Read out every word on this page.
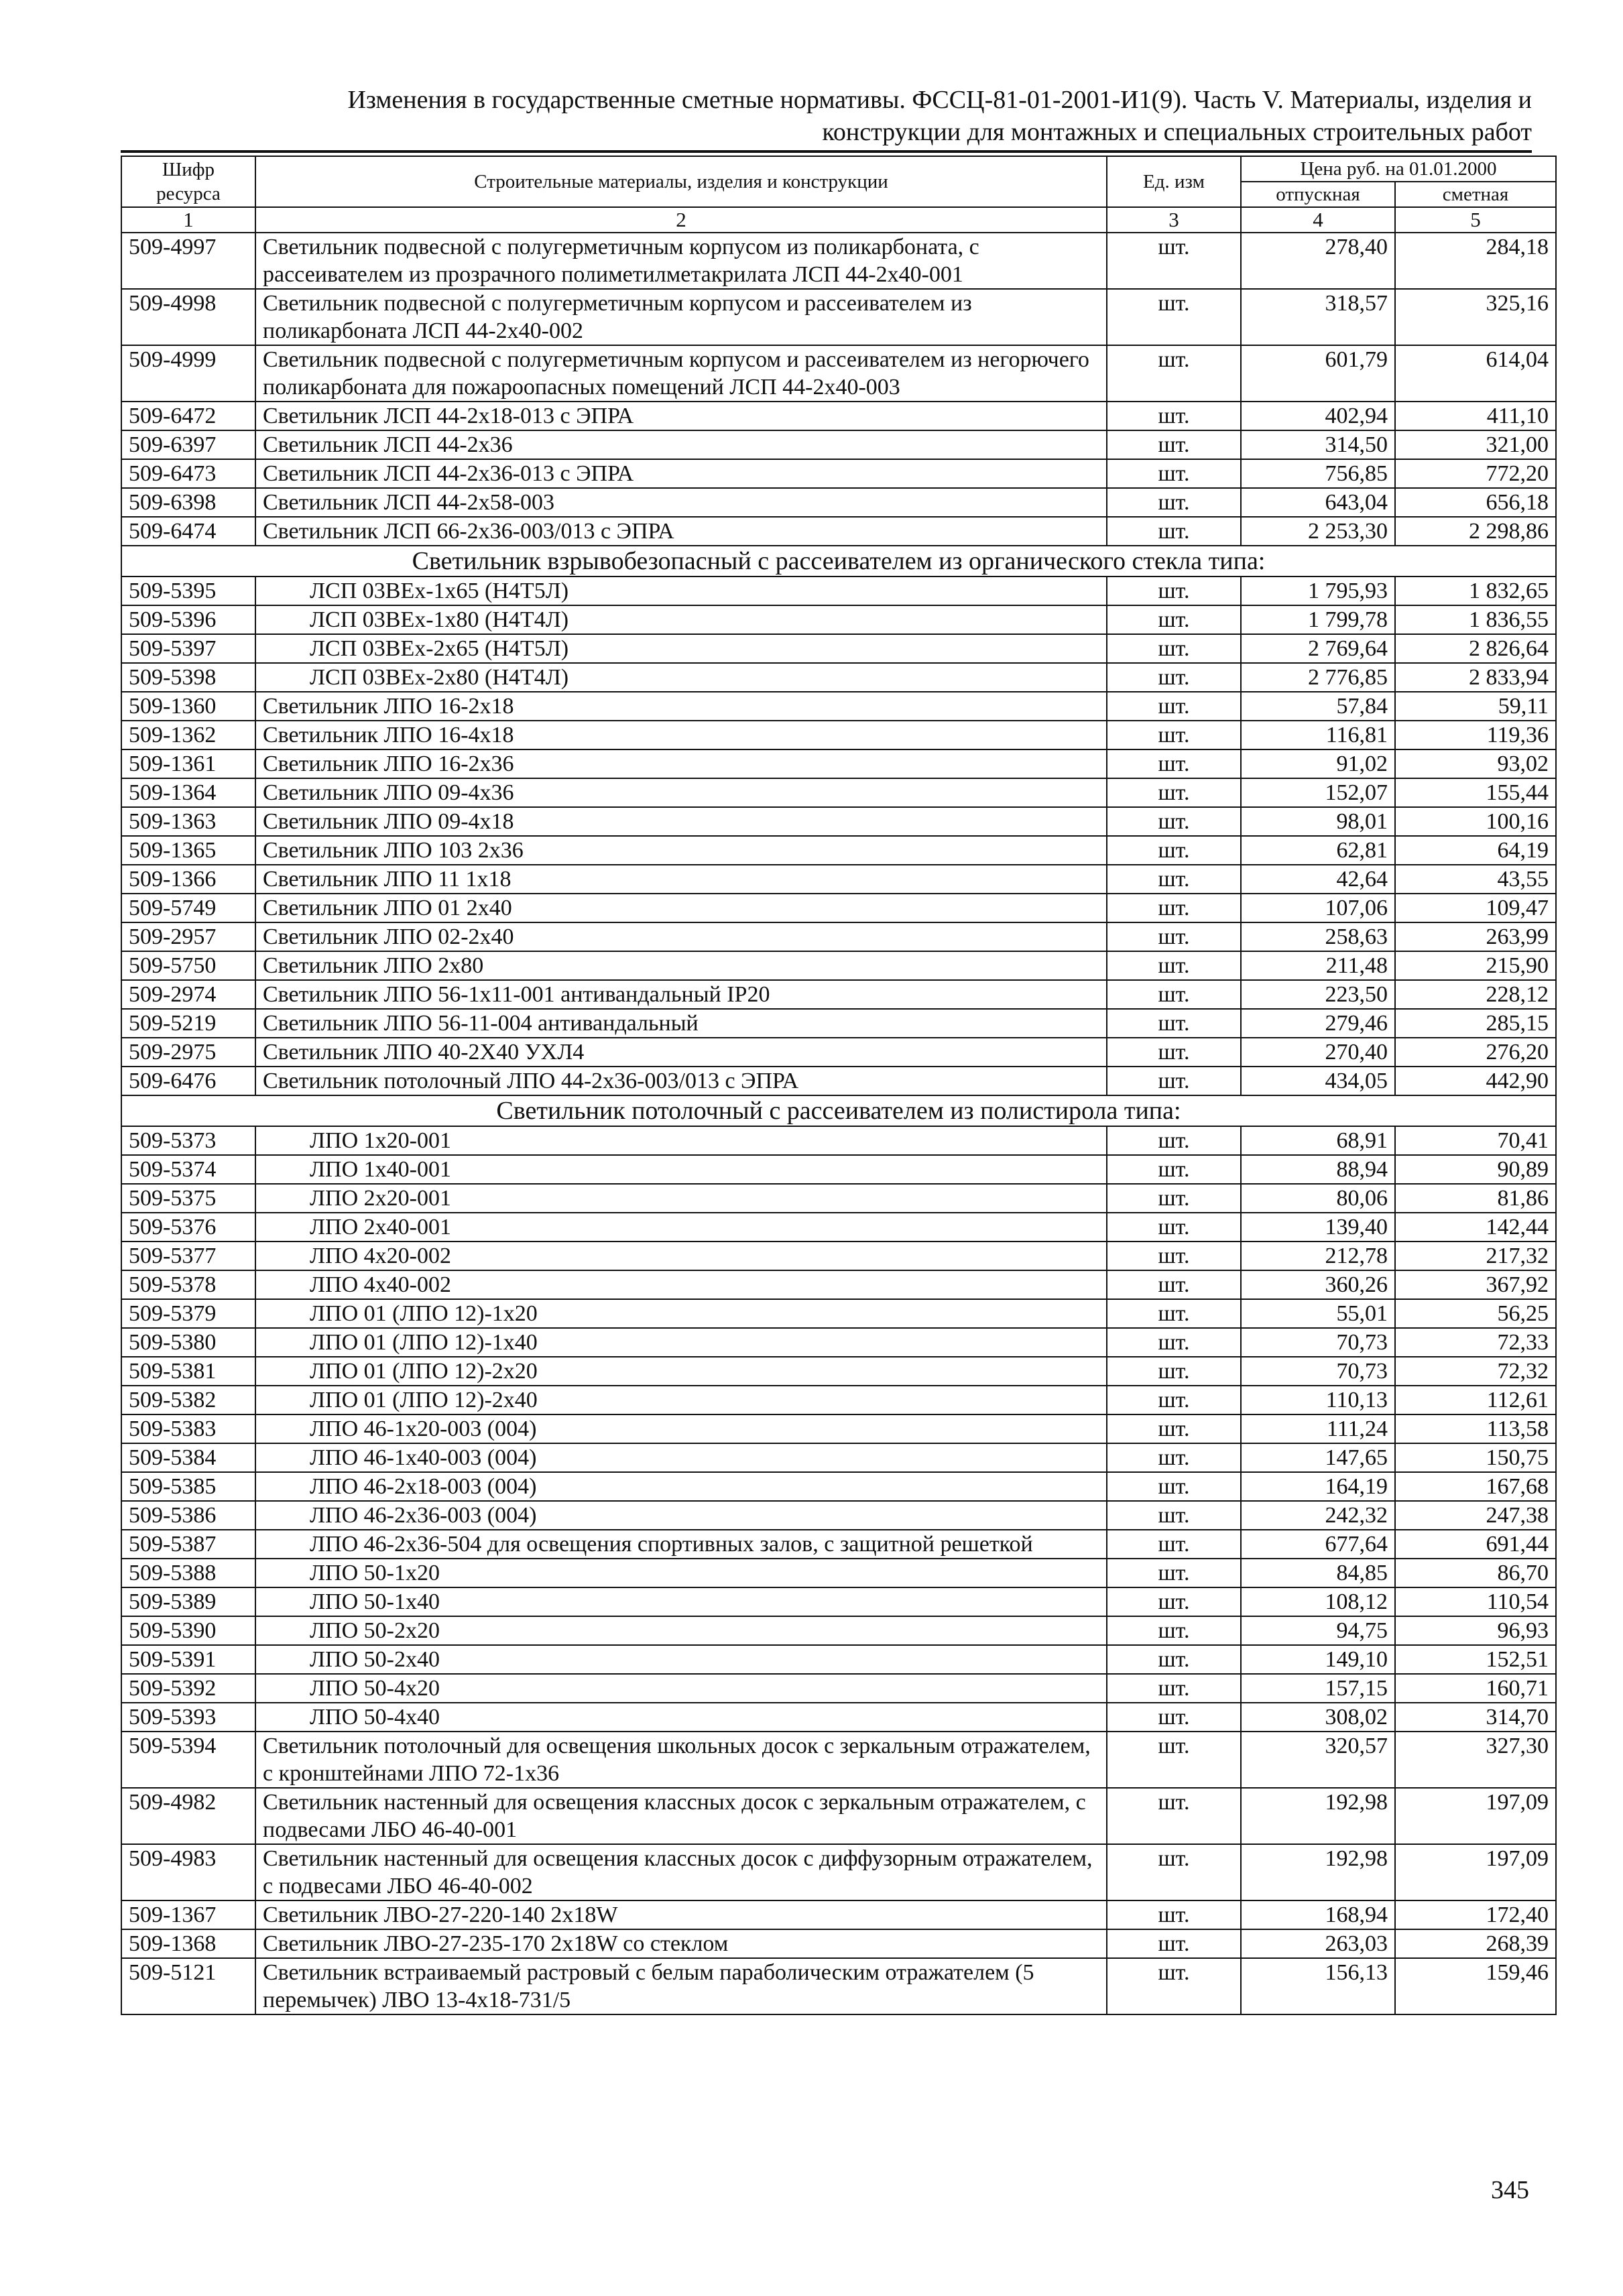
Изменения в государственные сметные нормативы. ФССЦ-81-01-2001-И1(9). Часть V. Материалы, изделия и
конструкции для монтажных и специальных строительных работ
Шифр ресурса	Строительные материалы, изделия и конструкции	Ед. изм	Цена руб. на 01.01.2000	
			отпускная	сметная
1	2	3	4	5
509-4997	Светильник подвесной с полугерметичным корпусом из поликарбоната, с рассеивателем из прозрачного полиметилметакрилата ЛСП 44-2х40-001	шт.	278,40	284,18
509-4998	Светильник подвесной с полугерметичным корпусом и рассеивателем из поликарбоната ЛСП 44-2х40-002	шт.	318,57	325,16
509-4999	Светильник подвесной с полугерметичным корпусом и рассеивателем из негорючего поликарбоната для пожароопасных помещений ЛСП 44-2х40-003	шт.	601,79	614,04
509-6472	Светильник ЛСП 44-2х18-013 с ЭПРА	шт.	402,94	411,10
509-6397	Светильник ЛСП 44-2х36	шт.	314,50	321,00
509-6473	Светильник ЛСП 44-2х36-013 с ЭПРА	шт.	756,85	772,20
509-6398	Светильник ЛСП 44-2х58-003	шт.	643,04	656,18
509-6474	Светильник ЛСП 66-2х36-003/013 с ЭПРА	шт.	2 253,30	2 298,86
Светильник взрывобезопасный с рассеивателем из органического стекла типа:				
509-5395	ЛСП 03ВЕх-1х65 (Н4Т5Л)	шт.	1 795,93	1 832,65
509-5396	ЛСП 03ВЕх-1х80 (Н4Т4Л)	шт.	1 799,78	1 836,55
509-5397	ЛСП 03ВЕх-2х65 (Н4Т5Л)	шт.	2 769,64	2 826,64
509-5398	ЛСП 03ВЕх-2х80 (Н4Т4Л)	шт.	2 776,85	2 833,94
509-1360	Светильник ЛПО 16-2х18	шт.	57,84	59,11
509-1362	Светильник ЛПО 16-4х18	шт.	116,81	119,36
509-1361	Светильник ЛПО 16-2х36	шт.	91,02	93,02
509-1364	Светильник ЛПО 09-4х36	шт.	152,07	155,44
509-1363	Светильник ЛПО 09-4х18	шт.	98,01	100,16
509-1365	Светильник ЛПО 103 2х36	шт.	62,81	64,19
509-1366	Светильник ЛПО 11 1х18	шт.	42,64	43,55
509-5749	Светильник ЛПО 01 2х40	шт.	107,06	109,47
509-2957	Светильник ЛПО 02-2х40	шт.	258,63	263,99
509-5750	Светильник ЛПО 2х80	шт.	211,48	215,90
509-2974	Светильник ЛПО 56-1х11-001 антивандальный IP20	шт.	223,50	228,12
509-5219	Светильник ЛПО 56-11-004 антивандальный	шт.	279,46	285,15
509-2975	Светильник ЛПО 40-2Х40 УХЛ4	шт.	270,40	276,20
509-6476	Светильник потолочный ЛПО 44-2х36-003/013 с ЭПРА	шт.	434,05	442,90
Светильник потолочный с рассеивателем из полистирола типа:				
509-5373	ЛПО 1х20-001	шт.	68,91	70,41
509-5374	ЛПО 1х40-001	шт.	88,94	90,89
509-5375	ЛПО 2х20-001	шт.	80,06	81,86
509-5376	ЛПО 2х40-001	шт.	139,40	142,44
509-5377	ЛПО 4х20-002	шт.	212,78	217,32
509-5378	ЛПО 4х40-002	шт.	360,26	367,92
509-5379	ЛПО 01 (ЛПО 12)-1х20	шт.	55,01	56,25
509-5380	ЛПО 01 (ЛПО 12)-1х40	шт.	70,73	72,33
509-5381	ЛПО 01 (ЛПО 12)-2х20	шт.	70,73	72,32
509-5382	ЛПО 01 (ЛПО 12)-2х40	шт.	110,13	112,61
509-5383	ЛПО 46-1х20-003 (004)	шт.	111,24	113,58
509-5384	ЛПО 46-1х40-003 (004)	шт.	147,65	150,75
509-5385	ЛПО 46-2х18-003 (004)	шт.	164,19	167,68
509-5386	ЛПО 46-2х36-003 (004)	шт.	242,32	247,38
509-5387	ЛПО 46-2х36-504 для освещения спортивных залов, с защитной решеткой	шт.	677,64	691,44
509-5388	ЛПО 50-1х20	шт.	84,85	86,70
509-5389	ЛПО 50-1х40	шт.	108,12	110,54
509-5390	ЛПО 50-2х20	шт.	94,75	96,93
509-5391	ЛПО 50-2х40	шт.	149,10	152,51
509-5392	ЛПО 50-4х20	шт.	157,15	160,71
509-5393	ЛПО 50-4х40	шт.	308,02	314,70
509-5394	Светильник потолочный для освещения школьных досок с зеркальным отражателем, с кронштейнами ЛПО 72-1х36	шт.	320,57	327,30
509-4982	Светильник настенный для освещения классных досок с зеркальным отражателем, с подвесами ЛБО 46-40-001	шт.	192,98	197,09
509-4983	Светильник настенный для освещения классных досок с диффузорным отражателем, с подвесами ЛБО 46-40-002	шт.	192,98	197,09
509-1367	Светильник ЛВО-27-220-140 2х18W	шт.	168,94	172,40
509-1368	Светильник ЛВО-27-235-170 2х18W со стеклом	шт.	263,03	268,39
509-5121	Светильник встраиваемый растровый с белым параболическим отражателем (5 перемычек) ЛВО 13-4х18-731/5	шт.	156,13	159,46
345
